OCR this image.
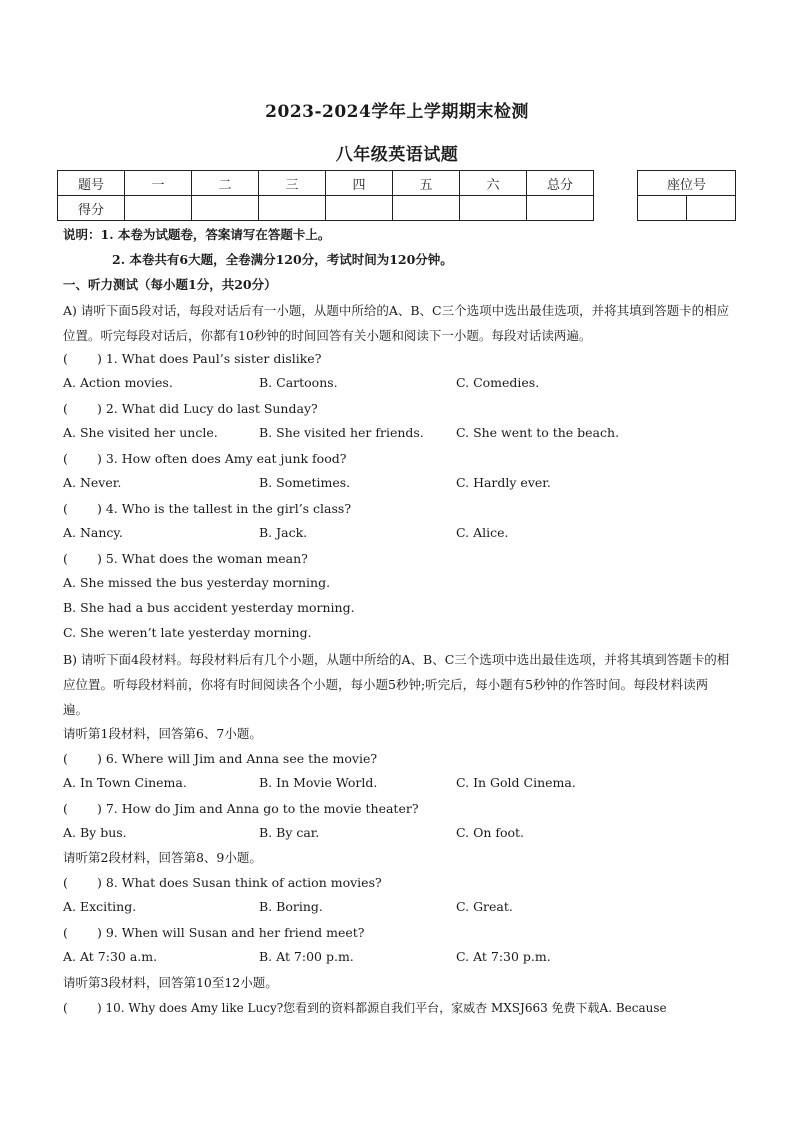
2023-2024学年上学期期末检测
八年级英语试题
题号	一	二	三	四	五	六	总分
得分							
座位号

说明：1. 本卷为试题卷，答案请写在答题卡上。
2. 本卷共有6大题，全卷满分120分，考试时间为120分钟。
一、听力测试（每小题1分，共20分）
A) 请听下面5段对话，每段对话后有一小题，从题中所给的A、B、C三个选项中选出最佳选项，并将其填到答题卡的相应位置。听完每段对话后，你都有10秒钟的时间回答有关小题和阅读下一小题。每段对话读两遍。
( ) 1. What does Paul’s sister dislike?
A. Action movies.	B. Cartoons.	C. Comedies.
( ) 2. What did Lucy do last Sunday?
A. She visited her uncle.	B. She visited her friends.	C. She went to the beach.
( ) 3. How often does Amy eat junk food?
A. Never.	B. Sometimes.	C. Hardly ever.
( ) 4. Who is the tallest in the girl’s class?
A. Nancy.	B. Jack.	C. Alice.
( ) 5. What does the woman mean?
A. She missed the bus yesterday morning.
B. She had a bus accident yesterday morning.
C. She weren’t late yesterday morning.
B) 请听下面4段材料。每段材料后有几个小题，从题中所给的A、B、C三个选项中选出最佳选项，并将其填到答题卡的相应位置。听每段材料前，你将有时间阅读各个小题，每小题5秒钟;听完后，每小题有5秒钟的作答时间。每段材料读两遍。
请听第1段材料，回答第6、7小题。
( ) 6. Where will Jim and Anna see the movie?
A. In Town Cinema.	B. In Movie World.	C. In Gold Cinema.
( ) 7. How do Jim and Anna go to the movie theater?
A. By bus.	B. By car.	C. On foot.
请听第2段材料，回答第8、9小题。
( ) 8. What does Susan think of action movies?
A. Exciting.	B. Boring.	C. Great.
( ) 9. When will Susan and her friend meet?
A. At 7:30 a.m.	B. At 7:00 p.m.	C. At 7:30 p.m.
请听第3段材料，回答第10至12小题。
( ) 10. Why does Amy like Lucy?您看到的资料都源自我们平台，家威杏 MXSJ663 免费下载A. Because
